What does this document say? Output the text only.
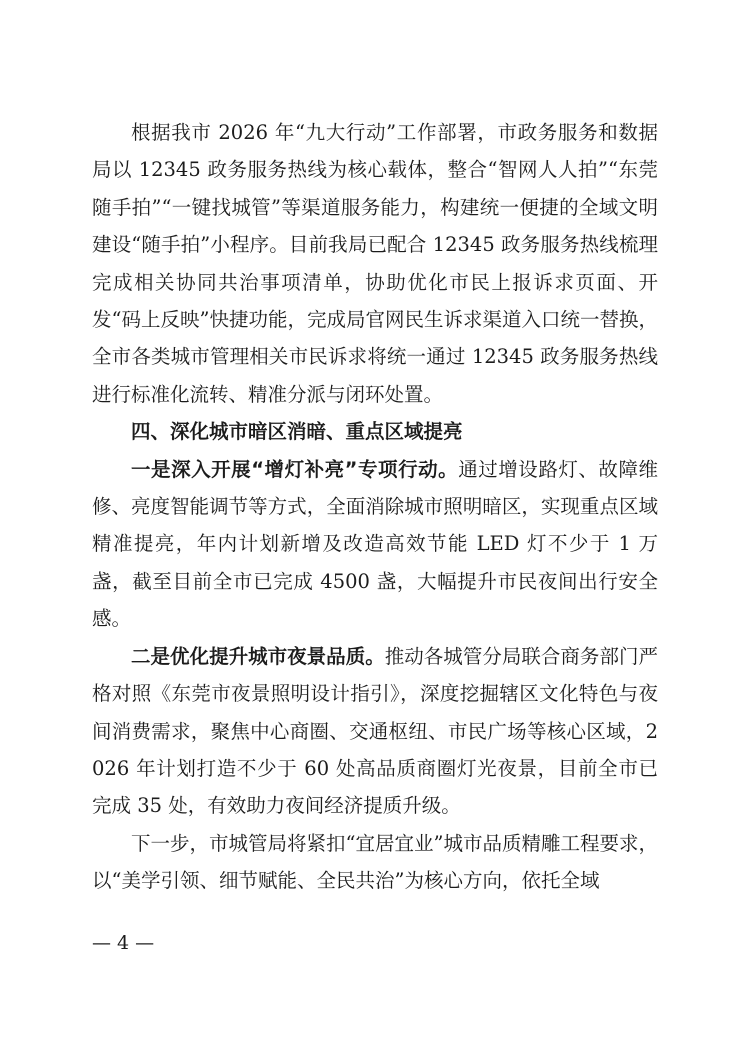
根据我市 2026 年“九大行动”工作部署，市政务服务和数据局以 12345 政务服务热线为核心载体，整合“智网人人拍”“东莞随手拍”“一键找城管”等渠道服务能力，构建统一便捷的全域文明建设“随手拍”小程序。目前我局已配合 12345 政务服务热线梳理完成相关协同共治事项清单，协助优化市民上报诉求页面、开发“码上反映”快捷功能，完成局官网民生诉求渠道入口统一替换，全市各类城市管理相关市民诉求将统一通过 12345 政务服务热线进行标准化流转、精准分派与闭环处置。

四、深化城市暗区消暗、重点区域提亮

一是深入开展“增灯补亮”专项行动。通过增设路灯、故障维修、亮度智能调节等方式，全面消除城市照明暗区，实现重点区域精准提亮，年内计划新增及改造高效节能 LED 灯不少于 1 万盏，截至目前全市已完成 4500 盏，大幅提升市民夜间出行安全感。

二是优化提升城市夜景品质。推动各城管分局联合商务部门严格对照《东莞市夜景照明设计指引》，深度挖掘辖区文化特色与夜间消费需求，聚焦中心商圈、交通枢纽、市民广场等核心区域，2026 年计划打造不少于 60 处高品质商圈灯光夜景，目前全市已完成 35 处，有效助力夜间经济提质升级。

下一步，市城管局将紧扣“宜居宜业”城市品质精雕工程要求，以“美学引领、细节赋能、全民共治”为核心方向，依托全域

— 4 —
